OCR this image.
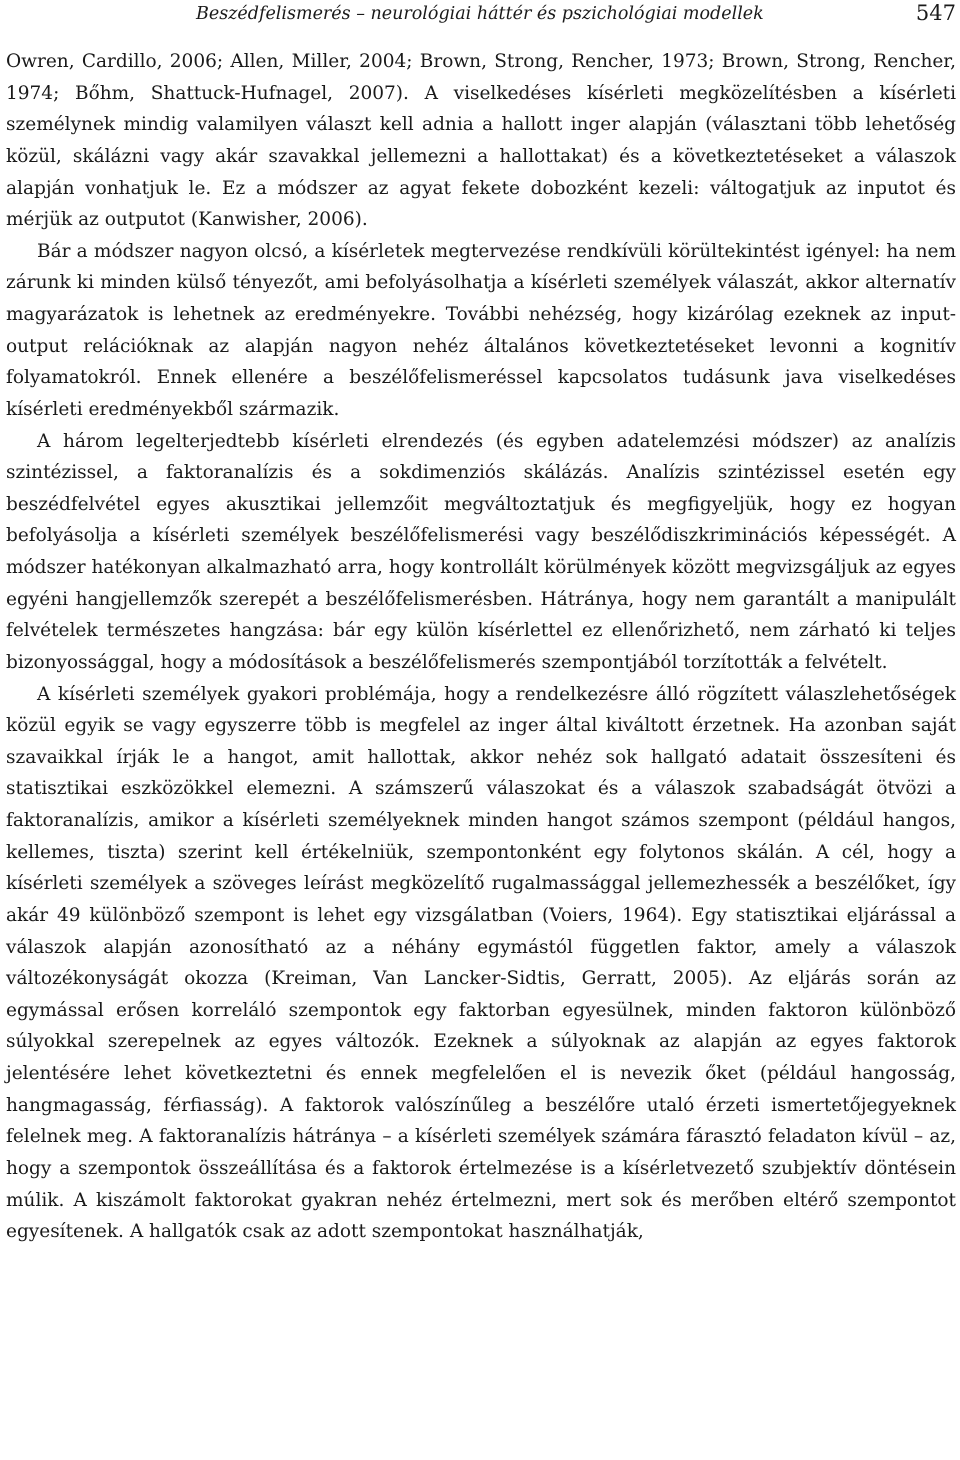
Beszédfelismerés – neurológiai háttér és pszichológiai modellek	547

Owren, Cardillo, 2006; Allen, Miller, 2004; Brown, Strong, Rencher, 1973; Brown, Strong, Rencher, 1974; Bőhm, Shattuck-Hufnagel, 2007). A viselkedéses kísérleti megközelítésben a kísérleti személynek mindig valamilyen választ kell adnia a hallott inger alapján (választani több lehetőség közül, skálázni vagy akár szavakkal jellemezni a hallottakat) és a következtetéseket a válaszok alapján vonhatjuk le. Ez a módszer az agyat fekete dobozként kezeli: váltogatjuk az inputot és mérjük az outputot (Kanwisher, 2006).

Bár a módszer nagyon olcsó, a kísérletek megtervezése rendkívüli körültekintést igényel: ha nem zárunk ki minden külső tényezőt, ami befolyásolhatja a kísérleti személyek válaszát, akkor alternatív magyarázatok is lehetnek az eredményekre. További nehézség, hogy kizárólag ezeknek az input-output relációknak az alapján nagyon nehéz általános következtetéseket levonni a kognitív folyamatokról. Ennek ellenére a beszélőfelismeréssel kapcsolatos tudásunk java viselkedéses kísérleti eredményekből származik.

A három legelterjedtebb kísérleti elrendezés (és egyben adatelemzési módszer) az analízis szintézissel, a faktoranalízis és a sokdimenziós skálázás. Analízis szintézissel esetén egy beszédfelvétel egyes akusztikai jellemzőit megváltoztatjuk és megfigyeljük, hogy ez hogyan befolyásolja a kísérleti személyek beszélőfelismerési vagy beszélődiszkriminációs képességét. A módszer hatékonyan alkalmazható arra, hogy kontrollált körülmények között megvizsgáljuk az egyes egyéni hangjellemzők szerepét a beszélőfelismerésben. Hátránya, hogy nem garantált a manipulált felvételek természetes hangzása: bár egy külön kísérlettel ez ellenőrizhető, nem zárható ki teljes bizonyossággal, hogy a módosítások a beszélőfelismerés szempontjából torzították a felvételt.

A kísérleti személyek gyakori problémája, hogy a rendelkezésre álló rögzített válaszlehetőségek közül egyik se vagy egyszerre több is megfelel az inger által kiváltott érzetnek. Ha azonban saját szavaikkal írják le a hangot, amit hallottak, akkor nehéz sok hallgató adatait összesíteni és statisztikai eszközökkel elemezni. A számszerű válaszokat és a válaszok szabadságát ötvözi a faktoranalízis, amikor a kísérleti személyeknek minden hangot számos szempont (például hangos, kellemes, tiszta) szerint kell értékelniük, szempontonként egy folytonos skálán. A cél, hogy a kísérleti személyek a szöveges leírást megközelítő rugalmassággal jellemezhessék a beszélőket, így akár 49 különböző szempont is lehet egy vizsgálatban (Voiers, 1964). Egy statisztikai eljárással a válaszok alapján azonosítható az a néhány egymástól független faktor, amely a válaszok változékonyságát okozza (Kreiman, Van Lancker-Sidtis, Gerratt, 2005). Az eljárás során az egymással erősen korreláló szempontok egy faktorban egyesülnek, minden faktoron különböző súlyokkal szerepelnek az egyes változók. Ezeknek a súlyoknak az alapján az egyes faktorok jelentésére lehet következtetni és ennek megfelelően el is nevezik őket (például hangosság, hangmagasság, férfiasság). A faktorok valószínűleg a beszélőre utaló érzeti ismertetőjegyeknek felelnek meg. A faktoranalízis hátránya – a kísérleti személyek számára fárasztó feladaton kívül – az, hogy a szempontok összeállítása és a faktorok értelmezése is a kísérletvezető szubjektív döntésein múlik. A kiszámolt faktorokat gyakran nehéz értelmezni, mert sok és merőben eltérő szempontot egyesítenek. A hallgatók csak az adott szempontokat használhatják,
